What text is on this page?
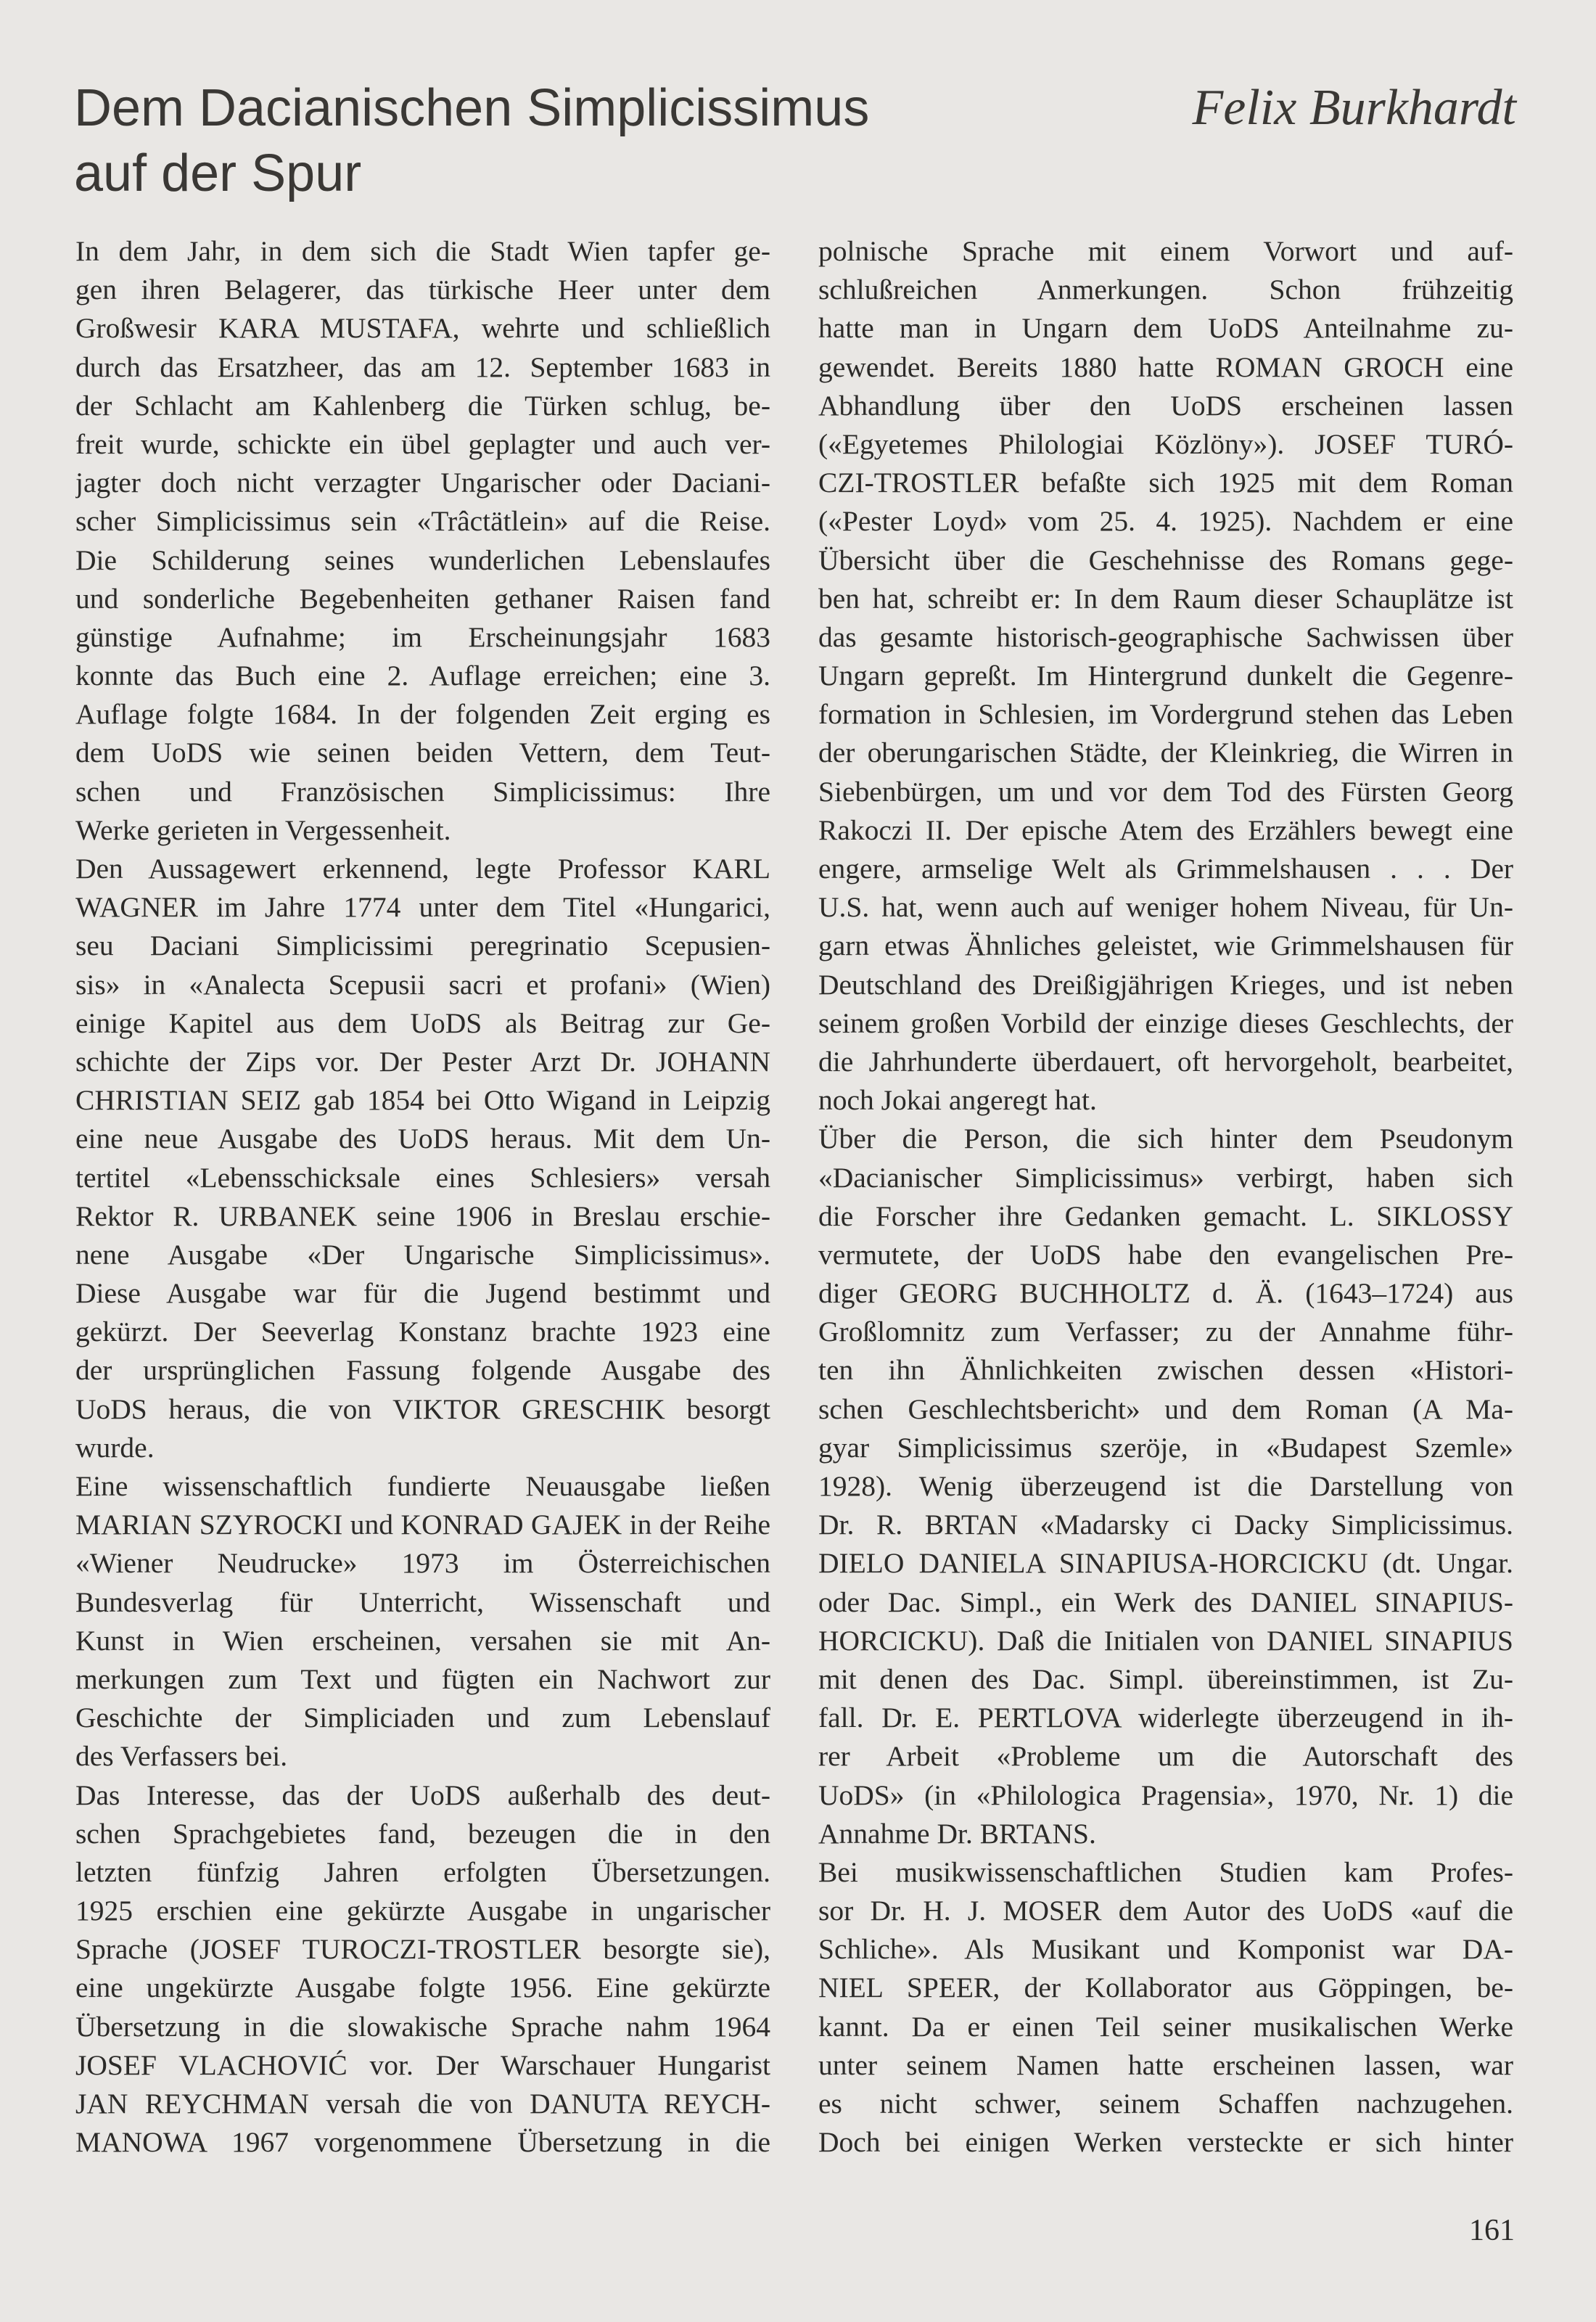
Dem Dacianischen Simplicissimus
auf der Spur
Felix Burkhardt
In dem Jahr, in dem sich die Stadt Wien tapfer ge-
gen ihren Belagerer, das türkische Heer unter dem
Großwesir KARA MUSTAFA, wehrte und schließlich
durch das Ersatzheer, das am 12. September 1683 in
der Schlacht am Kahlenberg die Türken schlug, be-
freit wurde, schickte ein übel geplagter und auch ver-
jagter doch nicht verzagter Ungarischer oder Daciani-
scher Simplicissimus sein «Trâctätlein» auf die Reise.
Die Schilderung seines wunderlichen Lebenslaufes
und sonderliche Begebenheiten gethaner Raisen fand
günstige Aufnahme; im Erscheinungsjahr 1683
konnte das Buch eine 2. Auflage erreichen; eine 3.
Auflage folgte 1684. In der folgenden Zeit erging es
dem UoDS wie seinen beiden Vettern, dem Teut-
schen und Französischen Simplicissimus: Ihre
Werke gerieten in Vergessenheit.
Den Aussagewert erkennend, legte Professor KARL
WAGNER im Jahre 1774 unter dem Titel «Hungarici,
seu Daciani Simplicissimi peregrinatio Scepusien-
sis» in «Analecta Scepusii sacri et profani» (Wien)
einige Kapitel aus dem UoDS als Beitrag zur Ge-
schichte der Zips vor. Der Pester Arzt Dr. JOHANN
CHRISTIAN SEIZ gab 1854 bei Otto Wigand in Leipzig
eine neue Ausgabe des UoDS heraus. Mit dem Un-
tertitel «Lebensschicksale eines Schlesiers» versah
Rektor R. URBANEK seine 1906 in Breslau erschie-
nene Ausgabe «Der Ungarische Simplicissimus».
Diese Ausgabe war für die Jugend bestimmt und
gekürzt. Der Seeverlag Konstanz brachte 1923 eine
der ursprünglichen Fassung folgende Ausgabe des
UoDS heraus, die von VIKTOR GRESCHIK besorgt
wurde.
Eine wissenschaftlich fundierte Neuausgabe ließen
MARIAN SZYROCKI und KONRAD GAJEK in der Reihe
«Wiener Neudrucke» 1973 im Österreichischen
Bundesverlag für Unterricht, Wissenschaft und
Kunst in Wien erscheinen, versahen sie mit An-
merkungen zum Text und fügten ein Nachwort zur
Geschichte der Simpliciaden und zum Lebenslauf
des Verfassers bei.
Das Interesse, das der UoDS außerhalb des deut-
schen Sprachgebietes fand, bezeugen die in den
letzten fünfzig Jahren erfolgten Übersetzungen.
1925 erschien eine gekürzte Ausgabe in ungarischer
Sprache (JOSEF TUROCZI-TROSTLER besorgte sie),
eine ungekürzte Ausgabe folgte 1956. Eine gekürzte
Übersetzung in die slowakische Sprache nahm 1964
JOSEF VLACHOVIĆ vor. Der Warschauer Hungarist
JAN REYCHMAN versah die von DANUTA REYCH-
MANOWA 1967 vorgenommene Übersetzung in die
polnische Sprache mit einem Vorwort und auf-
schlußreichen Anmerkungen. Schon frühzeitig
hatte man in Ungarn dem UoDS Anteilnahme zu-
gewendet. Bereits 1880 hatte ROMAN GROCH eine
Abhandlung über den UoDS erscheinen lassen
(«Egyetemes Philologiai Közlöny»). JOSEF TURÓ-
CZI-TROSTLER befaßte sich 1925 mit dem Roman
(«Pester Loyd» vom 25. 4. 1925). Nachdem er eine
Übersicht über die Geschehnisse des Romans gege-
ben hat, schreibt er: In dem Raum dieser Schauplätze ist
das gesamte historisch-geographische Sachwissen über
Ungarn gepreßt. Im Hintergrund dunkelt die Gegenre-
formation in Schlesien, im Vordergrund stehen das Leben
der oberungarischen Städte, der Kleinkrieg, die Wirren in
Siebenbürgen, um und vor dem Tod des Fürsten Georg
Rakoczi II. Der epische Atem des Erzählers bewegt eine
engere, armselige Welt als Grimmelshausen . . . Der
U.S. hat, wenn auch auf weniger hohem Niveau, für Un-
garn etwas Ähnliches geleistet, wie Grimmelshausen für
Deutschland des Dreißigjährigen Krieges, und ist neben
seinem großen Vorbild der einzige dieses Geschlechts, der
die Jahrhunderte überdauert, oft hervorgeholt, bearbeitet,
noch Jokai angeregt hat.
Über die Person, die sich hinter dem Pseudonym
«Dacianischer Simplicissimus» verbirgt, haben sich
die Forscher ihre Gedanken gemacht. L. SIKLOSSY
vermutete, der UoDS habe den evangelischen Pre-
diger GEORG BUCHHOLTZ d. Ä. (1643–1724) aus
Großlomnitz zum Verfasser; zu der Annahme führ-
ten ihn Ähnlichkeiten zwischen dessen «Histori-
schen Geschlechtsbericht» und dem Roman (A Ma-
gyar Simplicissimus szeröje, in «Budapest Szemle»
1928). Wenig überzeugend ist die Darstellung von
Dr. R. BRTAN «Madarsky ci Dacky Simplicissimus.
DIELO DANIELA SINAPIUSA-HORCICKU (dt. Ungar.
oder Dac. Simpl., ein Werk des DANIEL SINAPIUS-
HORCICKU). Daß die Initialen von DANIEL SINAPIUS
mit denen des Dac. Simpl. übereinstimmen, ist Zu-
fall. Dr. E. PERTLOVA widerlegte überzeugend in ih-
rer Arbeit «Probleme um die Autorschaft des
UoDS» (in «Philologica Pragensia», 1970, Nr. 1) die
Annahme Dr. BRTANS.
Bei musikwissenschaftlichen Studien kam Profes-
sor Dr. H. J. MOSER dem Autor des UoDS «auf die
Schliche». Als Musikant und Komponist war DA-
NIEL SPEER, der Kollaborator aus Göppingen, be-
kannt. Da er einen Teil seiner musikalischen Werke
unter seinem Namen hatte erscheinen lassen, war
es nicht schwer, seinem Schaffen nachzugehen.
Doch bei einigen Werken versteckte er sich hinter
161
